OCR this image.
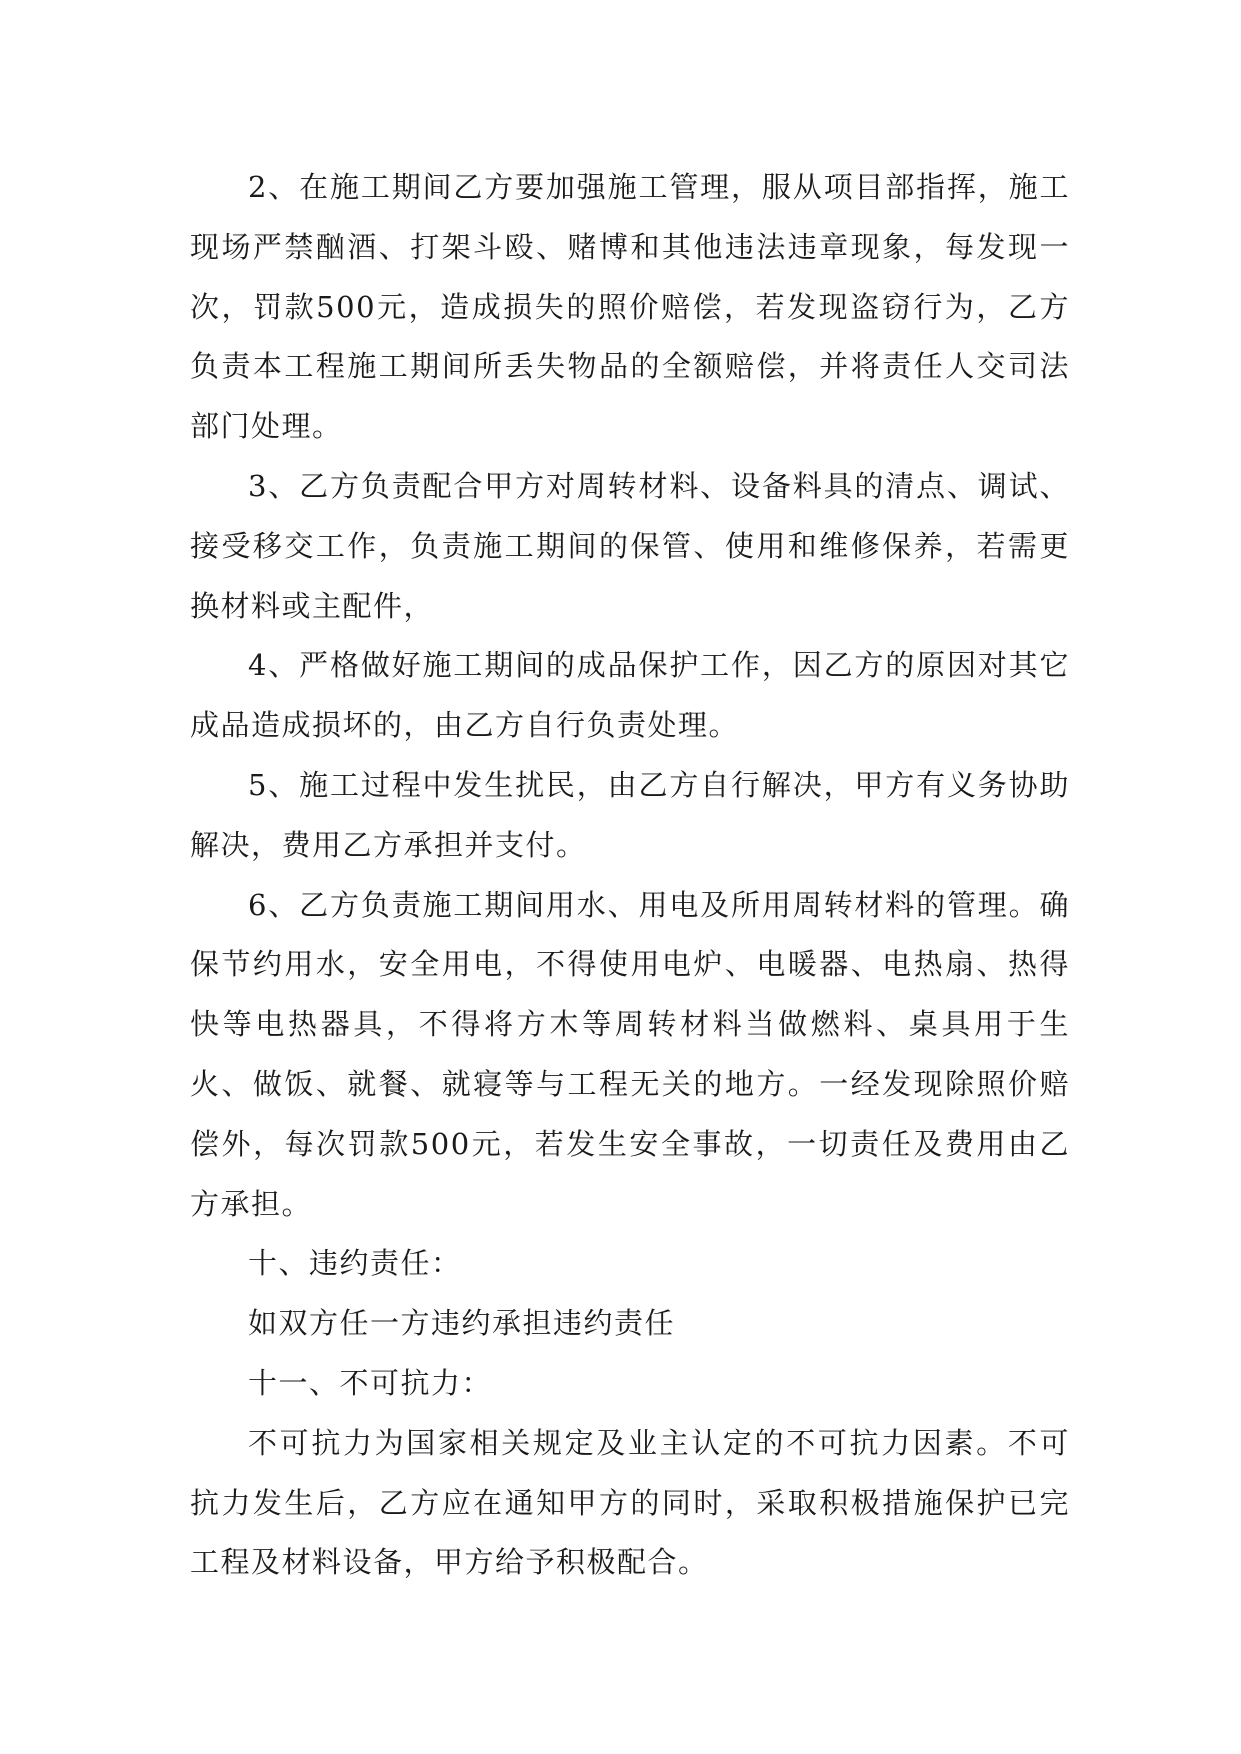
2、在施工期间乙方要加强施工管理，服从项目部指挥，施工现场严禁酗酒、打架斗殴、赌博和其他违法违章现象，每发现一次，罚款500元，造成损失的照价赔偿，若发现盗窃行为，乙方负责本工程施工期间所丢失物品的全额赔偿，并将责任人交司法部门处理。

3、乙方负责配合甲方对周转材料、设备料具的清点、调试、接受移交工作，负责施工期间的保管、使用和维修保养，若需更换材料或主配件，

4、严格做好施工期间的成品保护工作，因乙方的原因对其它成品造成损坏的，由乙方自行负责处理。

5、施工过程中发生扰民，由乙方自行解决，甲方有义务协助解决，费用乙方承担并支付。

6、乙方负责施工期间用水、用电及所用周转材料的管理。确保节约用水，安全用电，不得使用电炉、电暖器、电热扇、热得快等电热器具，不得将方木等周转材料当做燃料、桌具用于生火、做饭、就餐、就寝等与工程无关的地方。一经发现除照价赔偿外，每次罚款500元，若发生安全事故，一切责任及费用由乙方承担。

十、违约责任：

如双方任一方违约承担违约责任

十一、不可抗力：

不可抗力为国家相关规定及业主认定的不可抗力因素。不可抗力发生后，乙方应在通知甲方的同时，采取积极措施保护已完工程及材料设备，甲方给予积极配合。
